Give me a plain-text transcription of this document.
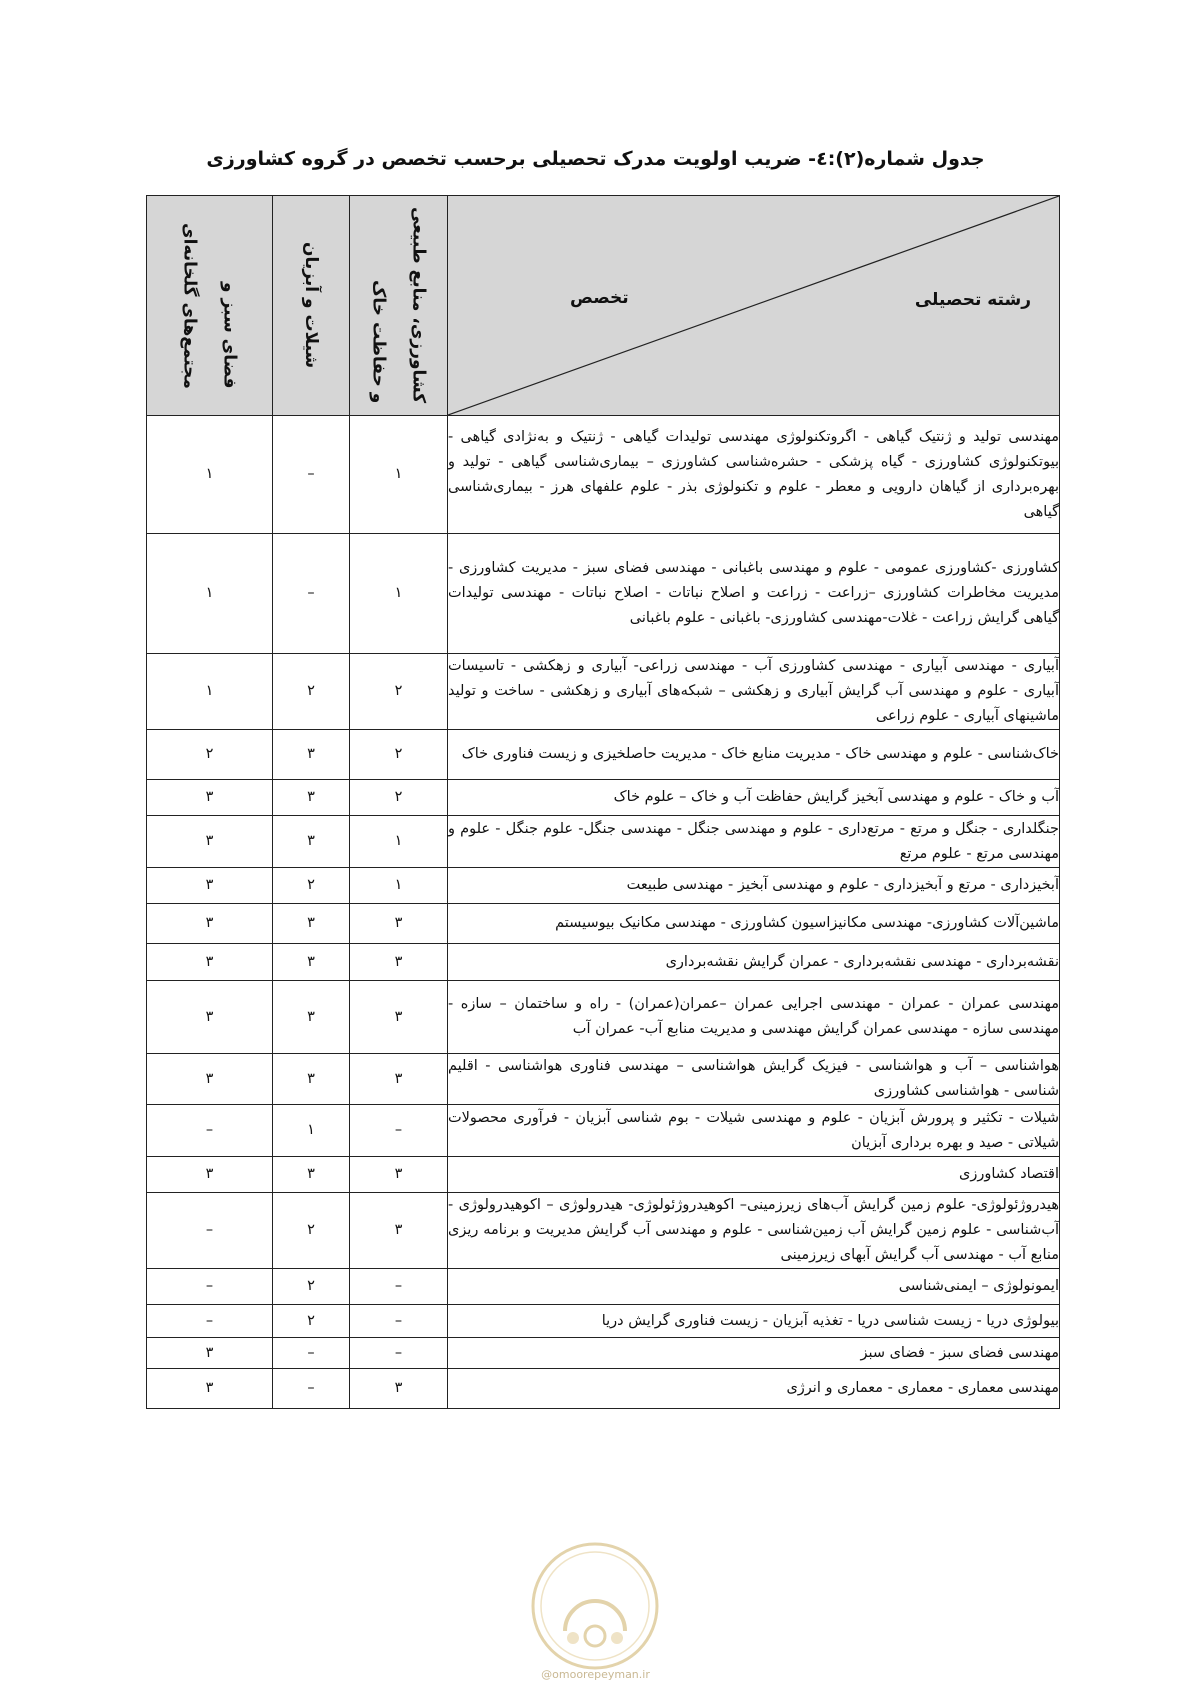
جدول شماره(۲):٤- ضریب اولویت مدرک تحصیلی برحسب تخصص در گروه کشاورزی
رشته تحصیلی
تخصص	کشاورزی، منابع طبیعی
و حفاظت خاک	شیلات و آبزیان	فضای سبز و
مجتمع‌های گلخانه‌ای

مهندسی تولید و ژنتیک گیاهی - اگروتکنولوژی مهندسی تولیدات گیاهی - ژنتیک و به‌نژادی گیاهی - بیوتکنولوژی کشاورزی - گیاه پزشکی - حشره‌شناسی کشاورزی – بیماری‌شناسی گیاهی - تولید و بهره‌برداری از گیاهان دارویی و معطر - علوم و تکنولوژی بذر - علوم علفهای هرز - بیماری‌شناسی گیاهی	۱	–	۱
کشاورزی -کشاورزی عمومی - علوم و مهندسی باغبانی - مهندسی فضای سبز - مدیریت کشاورزی - مدیریت مخاطرات کشاورزی –زراعت - زراعت و اصلاح نباتات - اصلاح نباتات - مهندسی تولیدات گیاهی گرایش زراعت - غلات-مهندسی کشاورزی- باغبانی - علوم باغبانی	۱	–	۱
آبیاری - مهندسی آبیاری - مهندسی کشاورزی آب - مهندسی زراعی- آبیاری و زهکشی - تاسیسات آبیاری - علوم و مهندسی آب گرایش آبیاری و زهکشی – شبکه‌های آبیاری و زهکشی - ساخت و تولید ماشینهای آبیاری - علوم زراعی	۲	۲	۱
خاک‌شناسی - علوم و مهندسی خاک - مدیریت منابع خاک - مدیریت حاصلخیزی و زیست فناوری خاک	۲	۳	۲
آب و خاک - علوم و مهندسی آبخیز گرایش حفاظت آب و خاک – علوم خاک	۲	۳	۳
جنگلداری - جنگل و مرتع - مرتع‌داری - علوم و مهندسی جنگل - مهندسی جنگل- علوم جنگل - علوم و مهندسی مرتع - علوم مرتع	۱	۳	۳
آبخیزداری - مرتع و آبخیزداری - علوم و مهندسی آبخیز - مهندسی طبیعت	۱	۲	۳
ماشین‌آلات کشاورزی- مهندسی مکانیزاسیون کشاورزی - مهندسی مکانیک بیوسیستم	۳	۳	۳
نقشه‌برداری - مهندسی نقشه‌برداری - عمران گرایش نقشه‌برداری	۳	۳	۳
مهندسی عمران - عمران - مهندسی اجرایی عمران –عمران(عمران) - راه و ساختمان – سازه - مهندسی سازه - مهندسی عمران گرایش مهندسی و مدیریت منابع آب- عمران آب	۳	۳	۳
هواشناسی – آب و هواشناسی - فیزیک گرایش هواشناسی – مهندسی فناوری هواشناسی - اقلیم شناسی - هواشناسی کشاورزی	۳	۳	۳
شیلات - تکثیر و پرورش آبزیان - علوم و مهندسی شیلات - بوم شناسی آبزیان - فرآوری محصولات شیلاتی - صید و بهره برداری آبزیان	–	۱	–
اقتصاد کشاورزی	۳	۳	۳
هیدروژئولوژی- علوم زمین گرایش آب‌های زیرزمینی– اکوهیدروژئولوژی- هیدرولوژی – اکوهیدرولوژی - آب‌شناسی - علوم زمین گرایش آب زمین‌شناسی - علوم و مهندسی آب گرایش مدیریت و برنامه ریزی منابع آب - مهندسی آب گرایش آبهای زیرزمینی	۳	۲	–
ایمونولوژی – ایمنی‌شناسی	–	۲	–
بیولوژی دریا - زیست شناسی دریا - تغذیه آبزیان - زیست فناوری گرایش دریا	–	۲	–
مهندسی فضای سبز - فضای سبز	–	–	۳
مهندسی معماری - معماری - معماری و انرژی	۳	–	۳
@omoorepeyman.ir
